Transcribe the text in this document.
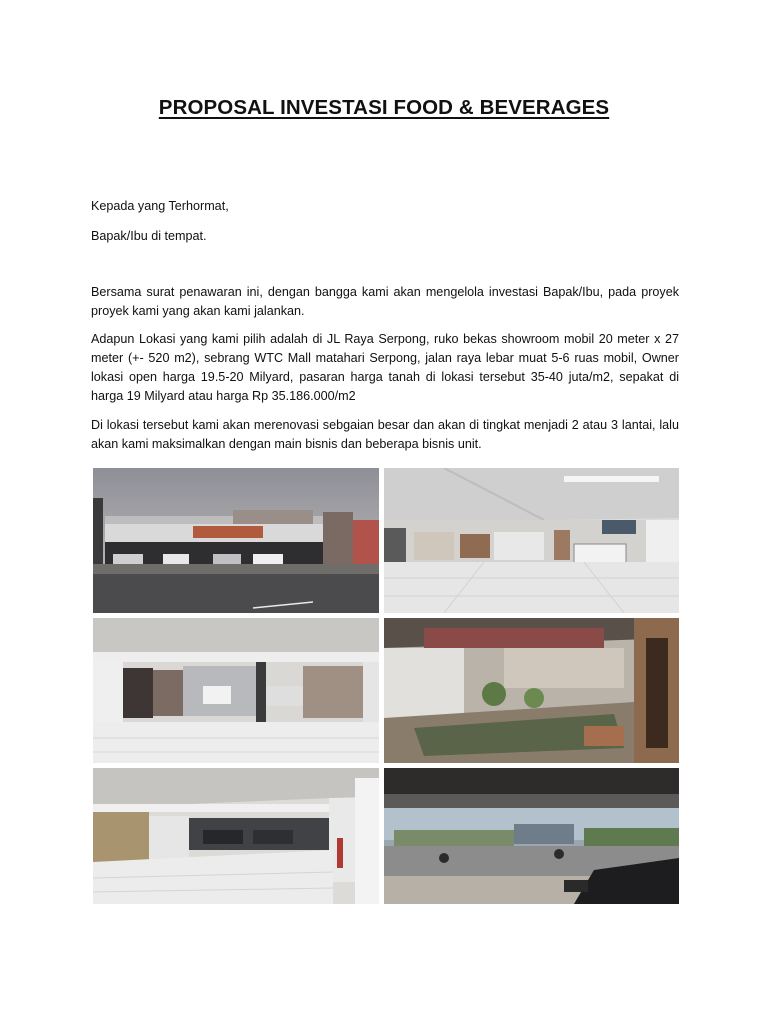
PROPOSAL INVESTASI FOOD & BEVERAGES
Kepada yang Terhormat,
Bapak/Ibu di tempat.
Bersama surat penawaran ini, dengan bangga kami akan mengelola investasi Bapak/Ibu, pada proyek proyek kami yang akan kami jalankan.
Adapun Lokasi yang kami pilih adalah di JL Raya Serpong, ruko bekas showroom mobil 20 meter x 27 meter (+- 520 m2), sebrang WTC Mall matahari Serpong, jalan raya lebar muat 5-6 ruas mobil, Owner lokasi open harga 19.5-20 Milyard, pasaran harga tanah di lokasi tersebut 35-40 juta/m2, sepakat di harga 19 Milyard atau harga Rp 35.186.000/m2
Di lokasi tersebut kami akan merenovasi sebgaian besar dan akan di tingkat menjadi 2 atau 3 lantai, lalu akan kami maksimalkan dengan main bisnis dan beberapa bisnis unit.
